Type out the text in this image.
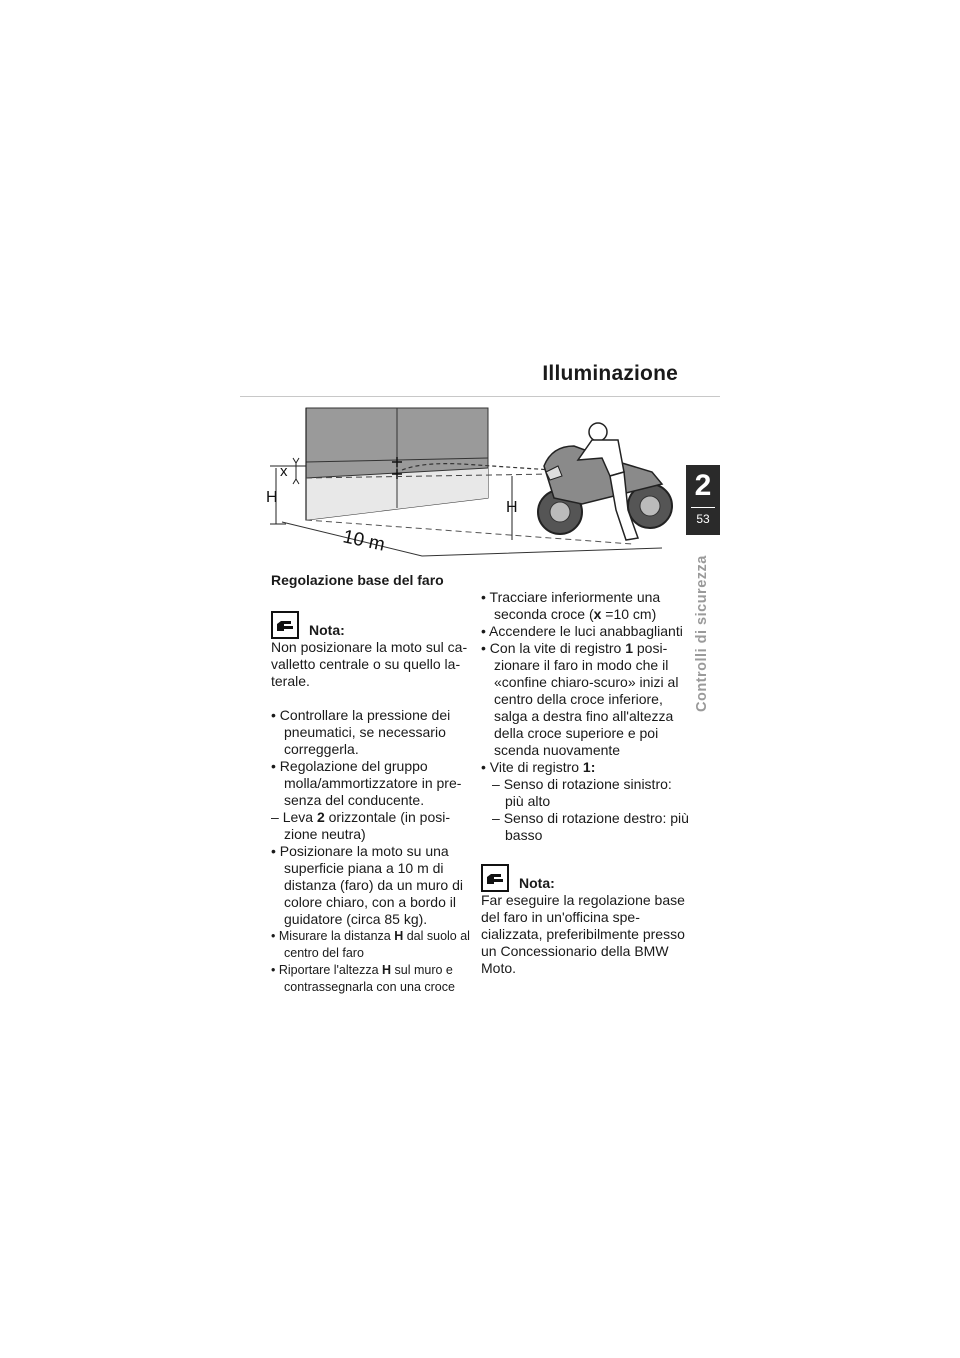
Illuminazione
2
53
Controlli di sicurezza
x
H
H
10 m
Regolazione base del faro
Nota:

Non posizionare la moto sul cavalletto centrale o su quello laterale.

• Controllare la pressione dei pneumatici, se necessario correggerla.
• Regolazione del gruppo molla/ammortizzatore in presenza del conducente.
– Leva 2 orizzontale (in posizione neutra)
• Posizionare la moto su una superficie piana a 10 m di distanza (faro) da un muro di colore chiaro, con a bordo il guidatore (circa 85 kg).
• Misurare la distanza H dal suolo al centro del faro
• Riportare l'altezza H sul muro e contrassegnarla con una croce
• Tracciare inferiormente una seconda croce (x =10 cm)
• Accendere le luci anabbaglianti
• Con la vite di registro 1 posizionare il faro in modo che il «confine chiaro-scuro» inizi al centro della croce inferiore, salga a destra fino all'altezza della croce superiore e poi scenda nuovamente
• Vite di registro 1:
– Senso di rotazione sinistro: più alto
– Senso di rotazione destro: più basso
Nota:

Far eseguire la regolazione base del faro in un'officina specializzata, preferibilmente presso un Concessionario della BMW Moto.
